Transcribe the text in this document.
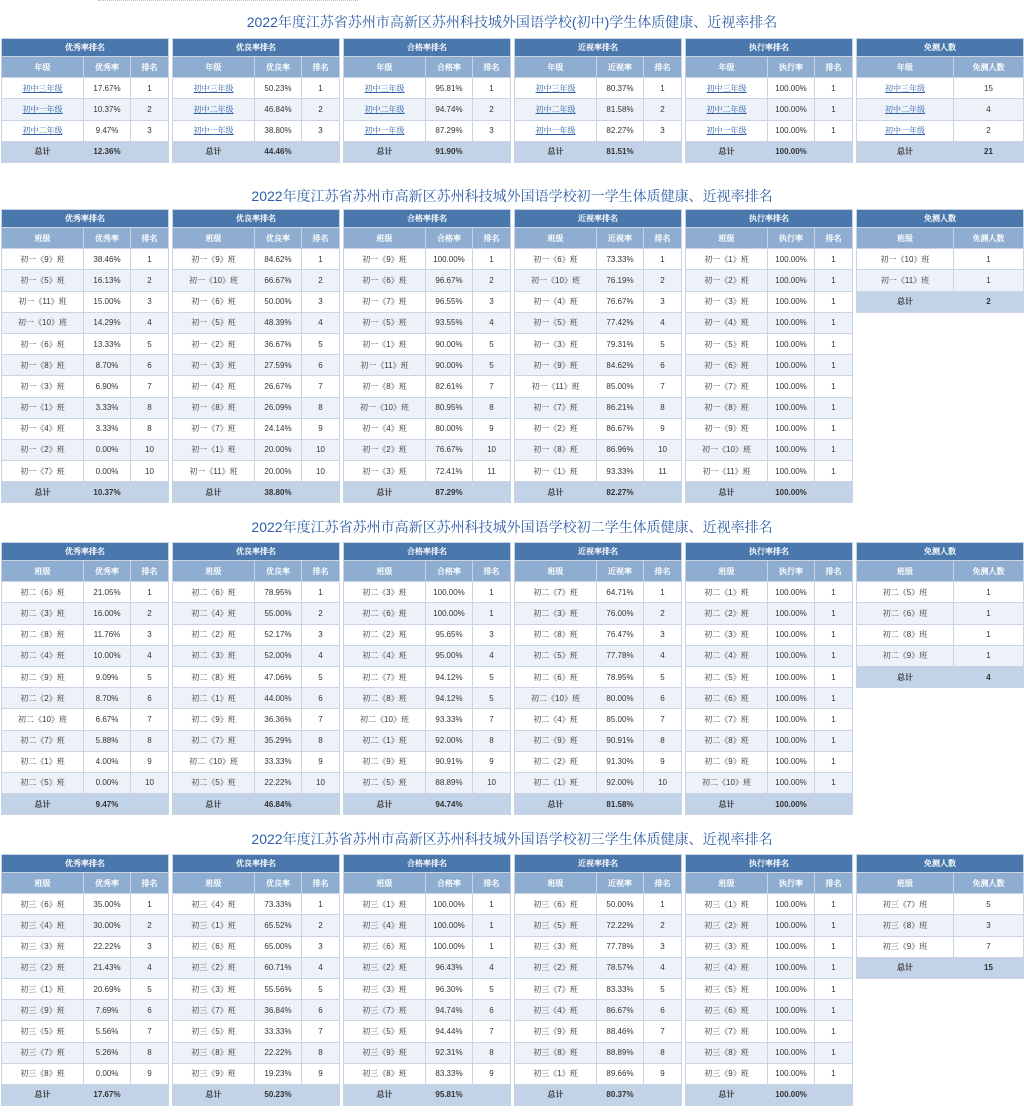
2022年度江苏省苏州市高新区苏州科技城外国语学校(初中)学生体质健康、近视率排名
优秀率排名		
年级	优秀率	排名
初中三年级	17.67%	1
初中一年级	10.37%	2
初中二年级	9.47%	3
总计	12.36%	
优良率排名		
年级	优良率	排名
初中三年级	50.23%	1
初中二年级	46.84%	2
初中一年级	38.80%	3
总计	44.46%	
合格率排名		
年级	合格率	排名
初中三年级	95.81%	1
初中二年级	94.74%	2
初中一年级	87.29%	3
总计	91.90%	
近视率排名		
年级	近视率	排名
初中三年级	80.37%	1
初中二年级	81.58%	2
初中一年级	82.27%	3
总计	81.51%	
执行率排名		
年级	执行率	排名
初中三年级	100.00%	1
初中二年级	100.00%	1
初中一年级	100.00%	1
总计	100.00%	
免测人数	
年级	免测人数
初中三年级	15
初中二年级	4
初中一年级	2
总计	21
2022年度江苏省苏州市高新区苏州科技城外国语学校初一学生体质健康、近视率排名
优秀率排名		
班级	优秀率	排名
初一《9》班	38.46%	1
初一《5》班	16.13%	2
初一《11》班	15.00%	3
初一《10》班	14.29%	4
初一《6》班	13.33%	5
初一《8》班	8.70%	6
初一《3》班	6.90%	7
初一《1》班	3.33%	8
初一《4》班	3.33%	8
初一《2》班	0.00%	10
初一《7》班	0.00%	10
总计	10.37%	
优良率排名		
班级	优良率	排名
初一《9》班	84.62%	1
初一《10》班	66.67%	2
初一《6》班	50.00%	3
初一《5》班	48.39%	4
初一《2》班	36.67%	5
初一《3》班	27.59%	6
初一《4》班	26.67%	7
初一《8》班	26.09%	8
初一《7》班	24.14%	9
初一《1》班	20.00%	10
初一《11》班	20.00%	10
总计	38.80%	
合格率排名		
班级	合格率	排名
初一《9》班	100.00%	1
初一《6》班	96.67%	2
初一《7》班	96.55%	3
初一《5》班	93.55%	4
初一《1》班	90.00%	5
初一《11》班	90.00%	5
初一《8》班	82.61%	7
初一《10》班	80.95%	8
初一《4》班	80.00%	9
初一《2》班	76.67%	10
初一《3》班	72.41%	11
总计	87.29%	
近视率排名		
班级	近视率	排名
初一《6》班	73.33%	1
初一《10》班	76.19%	2
初一《4》班	76.67%	3
初一《5》班	77.42%	4
初一《3》班	79.31%	5
初一《9》班	84.62%	6
初一《11》班	85.00%	7
初一《7》班	86.21%	8
初一《2》班	86.67%	9
初一《8》班	86.96%	10
初一《1》班	93.33%	11
总计	82.27%	
执行率排名		
班级	执行率	排名
初一《1》班	100.00%	1
初一《2》班	100.00%	1
初一《3》班	100.00%	1
初一《4》班	100.00%	1
初一《5》班	100.00%	1
初一《6》班	100.00%	1
初一《7》班	100.00%	1
初一《8》班	100.00%	1
初一《9》班	100.00%	1
初一《10》班	100.00%	1
初一《11》班	100.00%	1
总计	100.00%	
免测人数	
班级	免测人数
初一《10》班	1
初一《11》班	1
总计	2
2022年度江苏省苏州市高新区苏州科技城外国语学校初二学生体质健康、近视率排名
优秀率排名		
班级	优秀率	排名
初二《6》班	21.05%	1
初二《3》班	16.00%	2
初二《8》班	11.76%	3
初二《4》班	10.00%	4
初二《9》班	9.09%	5
初二《2》班	8.70%	6
初二《10》班	6.67%	7
初二《7》班	5.88%	8
初二《1》班	4.00%	9
初二《5》班	0.00%	10
总计	9.47%	
优良率排名		
班级	优良率	排名
初二《6》班	78.95%	1
初二《4》班	55.00%	2
初二《2》班	52.17%	3
初二《3》班	52.00%	4
初二《8》班	47.06%	5
初二《1》班	44.00%	6
初二《9》班	36.36%	7
初二《7》班	35.29%	8
初二《10》班	33.33%	9
初二《5》班	22.22%	10
总计	46.84%	
合格率排名		
班级	合格率	排名
初二《3》班	100.00%	1
初二《6》班	100.00%	1
初二《2》班	95.65%	3
初二《4》班	95.00%	4
初二《7》班	94.12%	5
初二《8》班	94.12%	5
初二《10》班	93.33%	7
初二《1》班	92.00%	8
初二《9》班	90.91%	9
初二《5》班	88.89%	10
总计	94.74%	
近视率排名		
班级	近视率	排名
初二《7》班	64.71%	1
初二《3》班	76.00%	2
初二《8》班	76.47%	3
初二《5》班	77.78%	4
初二《6》班	78.95%	5
初二《10》班	80.00%	6
初二《4》班	85.00%	7
初二《9》班	90.91%	8
初二《2》班	91.30%	9
初二《1》班	92.00%	10
总计	81.58%	
执行率排名		
班级	执行率	排名
初二《1》班	100.00%	1
初二《2》班	100.00%	1
初二《3》班	100.00%	1
初二《4》班	100.00%	1
初二《5》班	100.00%	1
初二《6》班	100.00%	1
初二《7》班	100.00%	1
初二《8》班	100.00%	1
初二《9》班	100.00%	1
初二《10》班	100.00%	1
总计	100.00%	
免测人数	
班级	免测人数
初二《5》班	1
初二《6》班	1
初二《8》班	1
初二《9》班	1
总计	4
2022年度江苏省苏州市高新区苏州科技城外国语学校初三学生体质健康、近视率排名
优秀率排名		
班级	优秀率	排名
初三《6》班	35.00%	1
初三《4》班	30.00%	2
初三《3》班	22.22%	3
初三《2》班	21.43%	4
初三《1》班	20.69%	5
初三《9》班	7.69%	6
初三《5》班	5.56%	7
初三《7》班	5.26%	8
初三《8》班	0.00%	9
总计	17.67%	
优良率排名		
班级	优良率	排名
初三《4》班	73.33%	1
初三《1》班	65.52%	2
初三《6》班	65.00%	3
初三《2》班	60.71%	4
初三《3》班	55.56%	5
初三《7》班	36.84%	6
初三《5》班	33.33%	7
初三《8》班	22.22%	8
初三《9》班	19.23%	9
总计	50.23%	
合格率排名		
班级	合格率	排名
初三《1》班	100.00%	1
初三《4》班	100.00%	1
初三《6》班	100.00%	1
初三《2》班	96.43%	4
初三《3》班	96.30%	5
初三《7》班	94.74%	6
初三《5》班	94.44%	7
初三《9》班	92.31%	8
初三《8》班	83.33%	9
总计	95.81%	
近视率排名		
班级	近视率	排名
初三《6》班	50.00%	1
初三《5》班	72.22%	2
初三《3》班	77.78%	3
初三《2》班	78.57%	4
初三《7》班	83.33%	5
初三《4》班	86.67%	6
初三《9》班	88.46%	7
初三《8》班	88.89%	8
初三《1》班	89.66%	9
总计	80.37%	
执行率排名		
班级	执行率	排名
初三《1》班	100.00%	1
初三《2》班	100.00%	1
初三《3》班	100.00%	1
初三《4》班	100.00%	1
初三《5》班	100.00%	1
初三《6》班	100.00%	1
初三《7》班	100.00%	1
初三《8》班	100.00%	1
初三《9》班	100.00%	1
总计	100.00%	
免测人数	
班级	免测人数
初三《7》班	5
初三《8》班	3
初三《9》班	7
总计	15
